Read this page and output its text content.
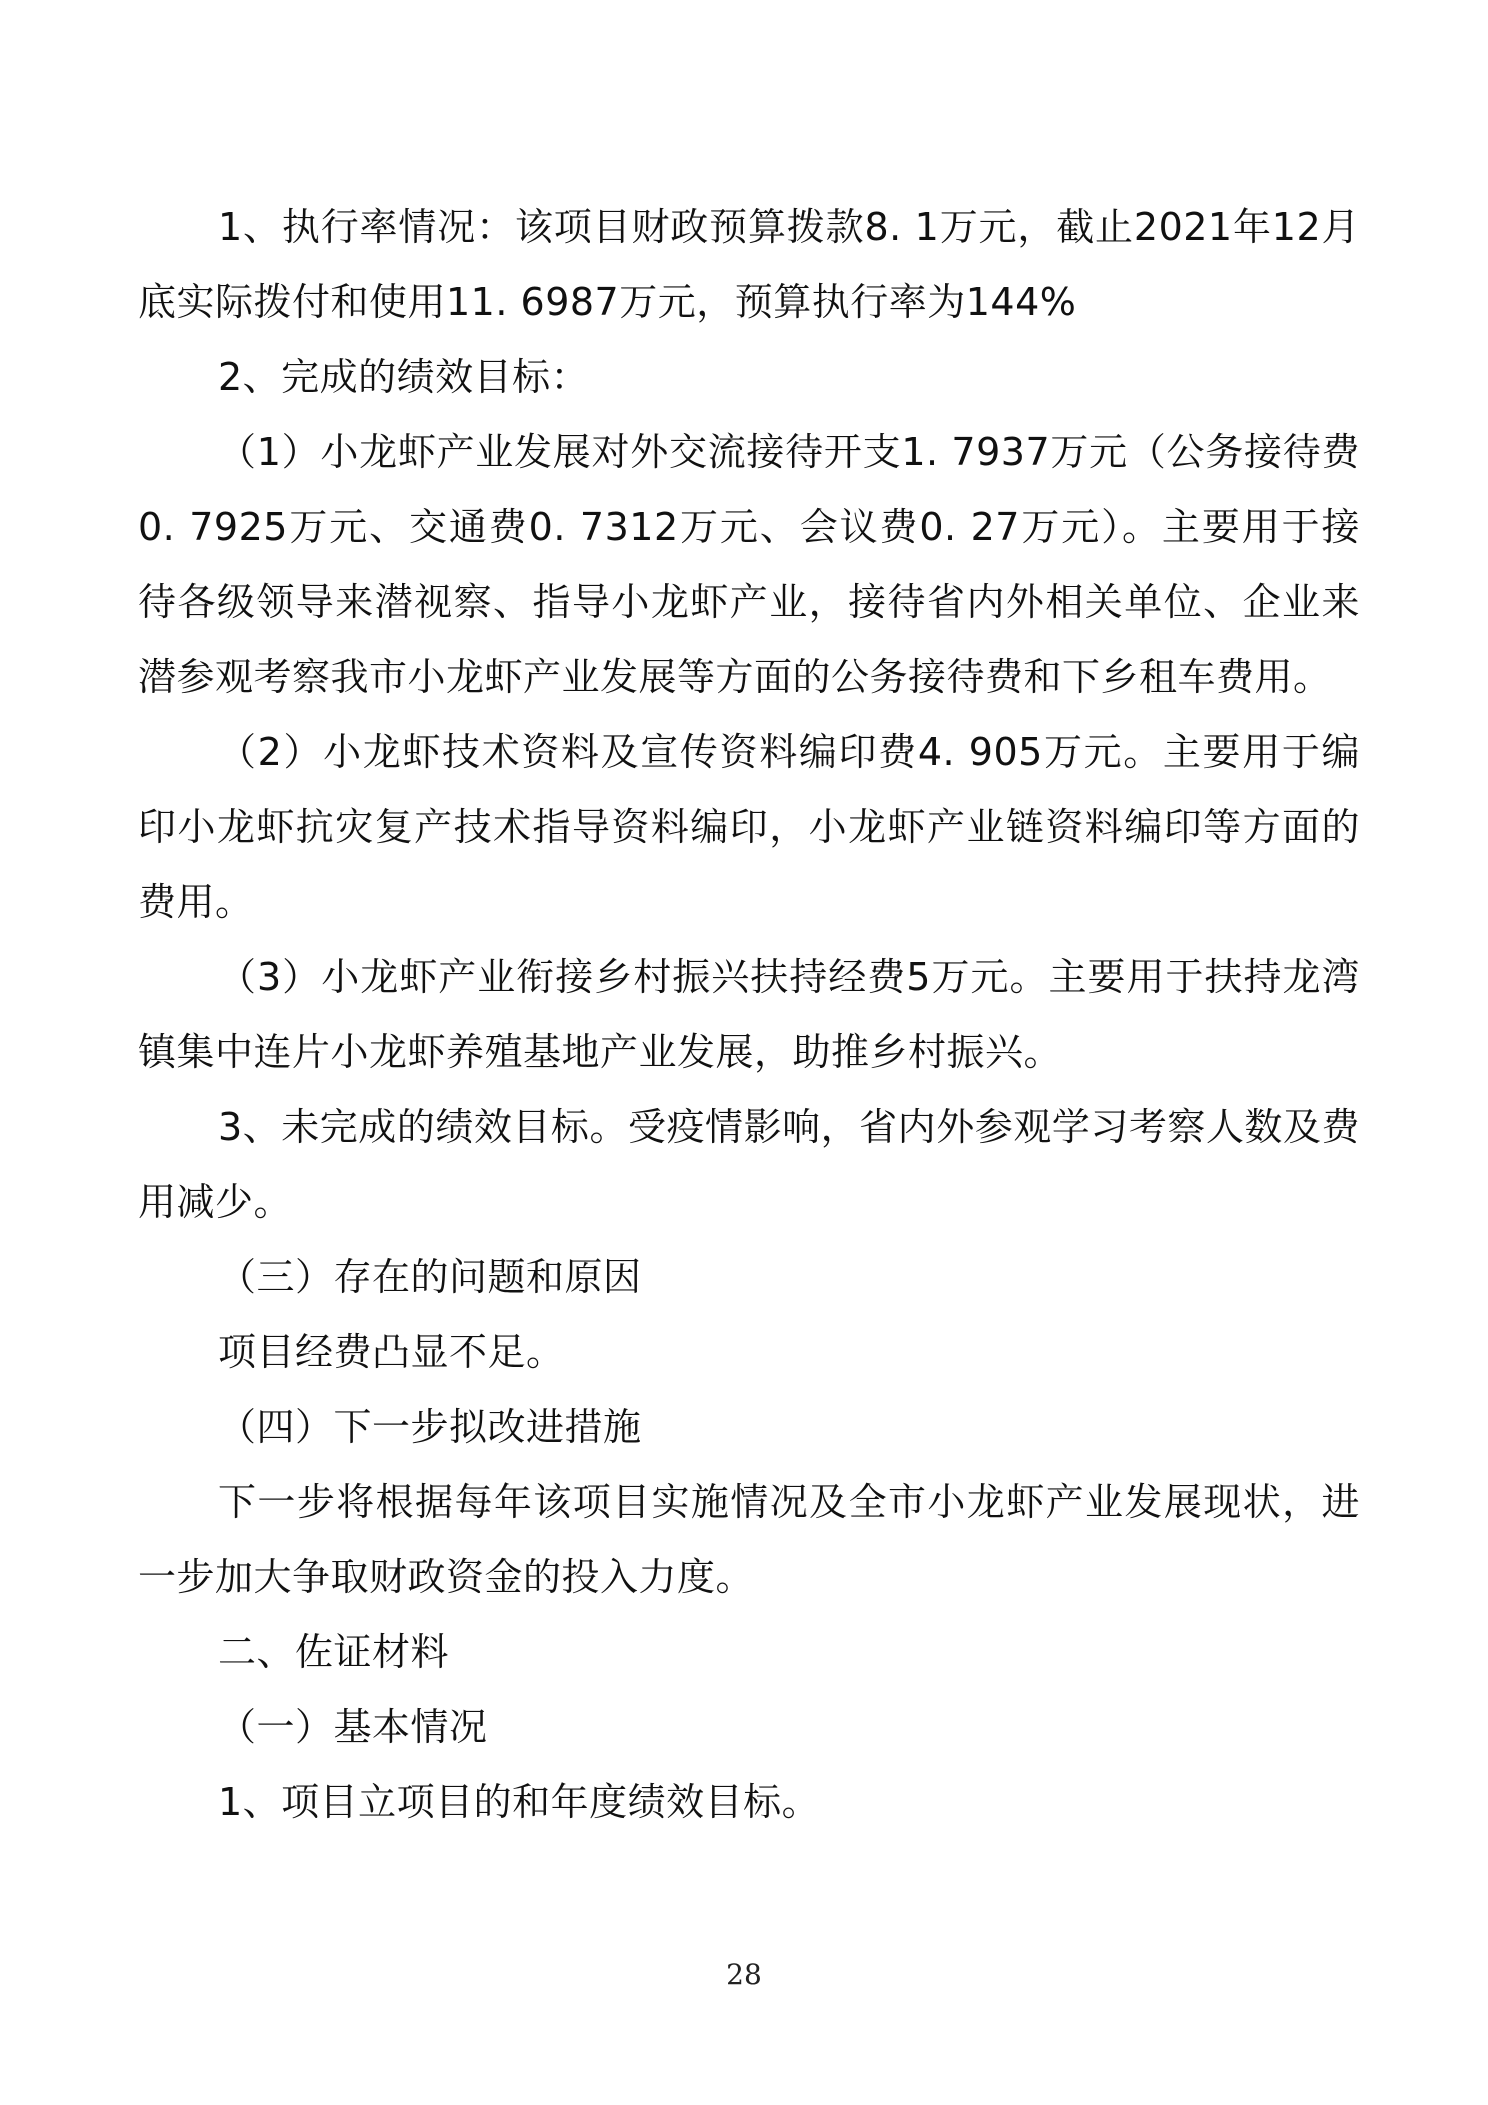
1、执行率情况：该项目财政预算拨款8. 1万元，截止2021年12月底实际拨付和使用11. 6987万元，预算执行率为144%

2、完成的绩效目标：

（1）小龙虾产业发展对外交流接待开支1. 7937万元（公务接待费0. 7925万元、交通费0. 7312万元、会议费0. 27万元）。主要用于接待各级领导来潜视察、指导小龙虾产业，接待省内外相关单位、企业来潜参观考察我市小龙虾产业发展等方面的公务接待费和下乡租车费用。

（2）小龙虾技术资料及宣传资料编印费4. 905万元。主要用于编印小龙虾抗灾复产技术指导资料编印，小龙虾产业链资料编印等方面的费用。

（3）小龙虾产业衔接乡村振兴扶持经费5万元。主要用于扶持龙湾镇集中连片小龙虾养殖基地产业发展，助推乡村振兴。

3、未完成的绩效目标。受疫情影响，省内外参观学习考察人数及费用减少。

（三）存在的问题和原因

项目经费凸显不足。

（四）下一步拟改进措施

下一步将根据每年该项目实施情况及全市小龙虾产业发展现状，进一步加大争取财政资金的投入力度。

二、佐证材料

（一）基本情况

1、项目立项目的和年度绩效目标。

28
